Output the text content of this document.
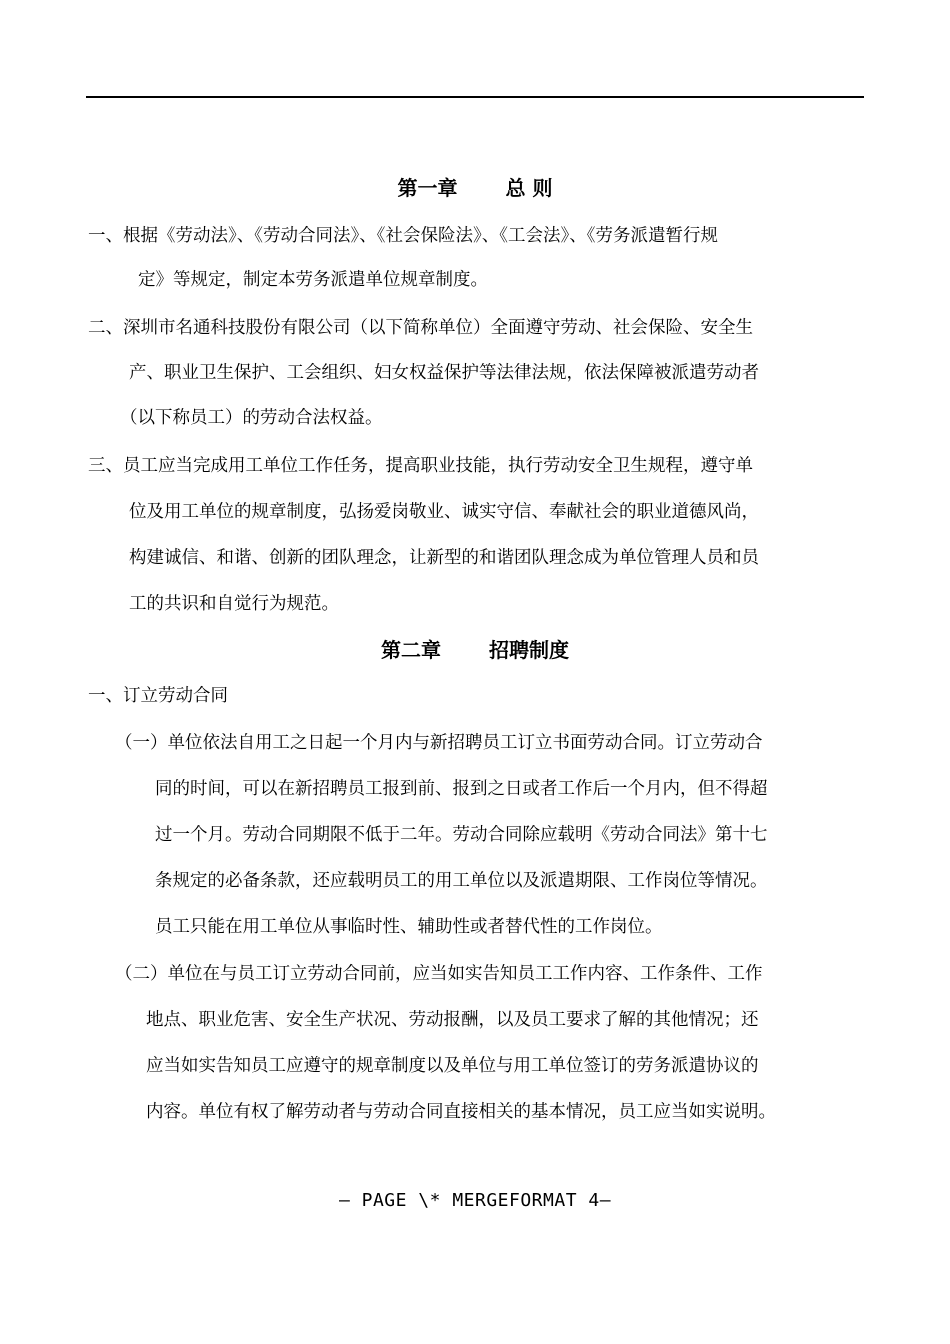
第一章 总 则
一、根据《劳动法》、《劳动合同法》、《社会保险法》、《工会法》、《劳务派遣暂行规
定》等规定，制定本劳务派遣单位规章制度。
二、深圳市名通科技股份有限公司（以下简称单位）全面遵守劳动、社会保险、安全生
产、职业卫生保护、工会组织、妇女权益保护等法律法规，依法保障被派遣劳动者
（以下称员工）的劳动合法权益。
三、员工应当完成用工单位工作任务，提高职业技能，执行劳动安全卫生规程，遵守单
位及用工单位的规章制度，弘扬爱岗敬业、诚实守信、奉献社会的职业道德风尚，
构建诚信、和谐、创新的团队理念，让新型的和谐团队理念成为单位管理人员和员
工的共识和自觉行为规范。
第二章 招聘制度
一、订立劳动合同
（一）单位依法自用工之日起一个月内与新招聘员工订立书面劳动合同。订立劳动合
同的时间，可以在新招聘员工报到前、报到之日或者工作后一个月内，但不得超
过一个月。劳动合同期限不低于二年。劳动合同除应载明《劳动合同法》第十七
条规定的必备条款，还应载明员工的用工单位以及派遣期限、工作岗位等情况。
员工只能在用工单位从事临时性、辅助性或者替代性的工作岗位。
（二）单位在与员工订立劳动合同前，应当如实告知员工工作内容、工作条件、工作
地点、职业危害、安全生产状况、劳动报酬，以及员工要求了解的其他情况；还
应当如实告知员工应遵守的规章制度以及单位与用工单位签订的劳务派遣协议的
内容。单位有权了解劳动者与劳动合同直接相关的基本情况，员工应当如实说明。
— PAGE \* MERGEFORMAT 4—
